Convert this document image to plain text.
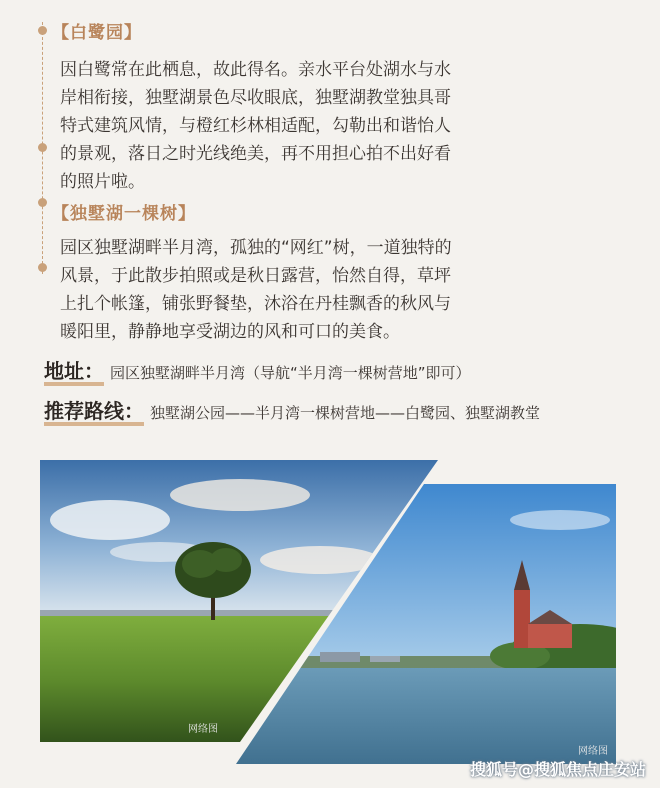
【白鹭园】
因白鹭常在此栖息，故此得名。亲水平台处湖水与水
岸相衔接，独墅湖景色尽收眼底，独墅湖教堂独具哥
特式建筑风情，与橙红杉林相适配，勾勒出和谐怡人
的景观，落日之时光线绝美，再不用担心拍不出好看
的照片啦。
【独墅湖一棵树】
园区独墅湖畔半月湾，孤独的“网红”树，一道独特的
风景，于此散步拍照或是秋日露营，怡然自得，草坪
上扎个帐篷，铺张野餐垫，沐浴在丹桂飘香的秋风与
暖阳里，静静地享受湖边的风和可口的美食。
地址： 园区独墅湖畔半月湾（导航“半月湾一棵树营地”即可）
推荐路线： 独墅湖公园——半月湾一棵树营地——白鹭园、独墅湖教堂
网络图
网络图
搜狐号@搜狐焦点庄安站
